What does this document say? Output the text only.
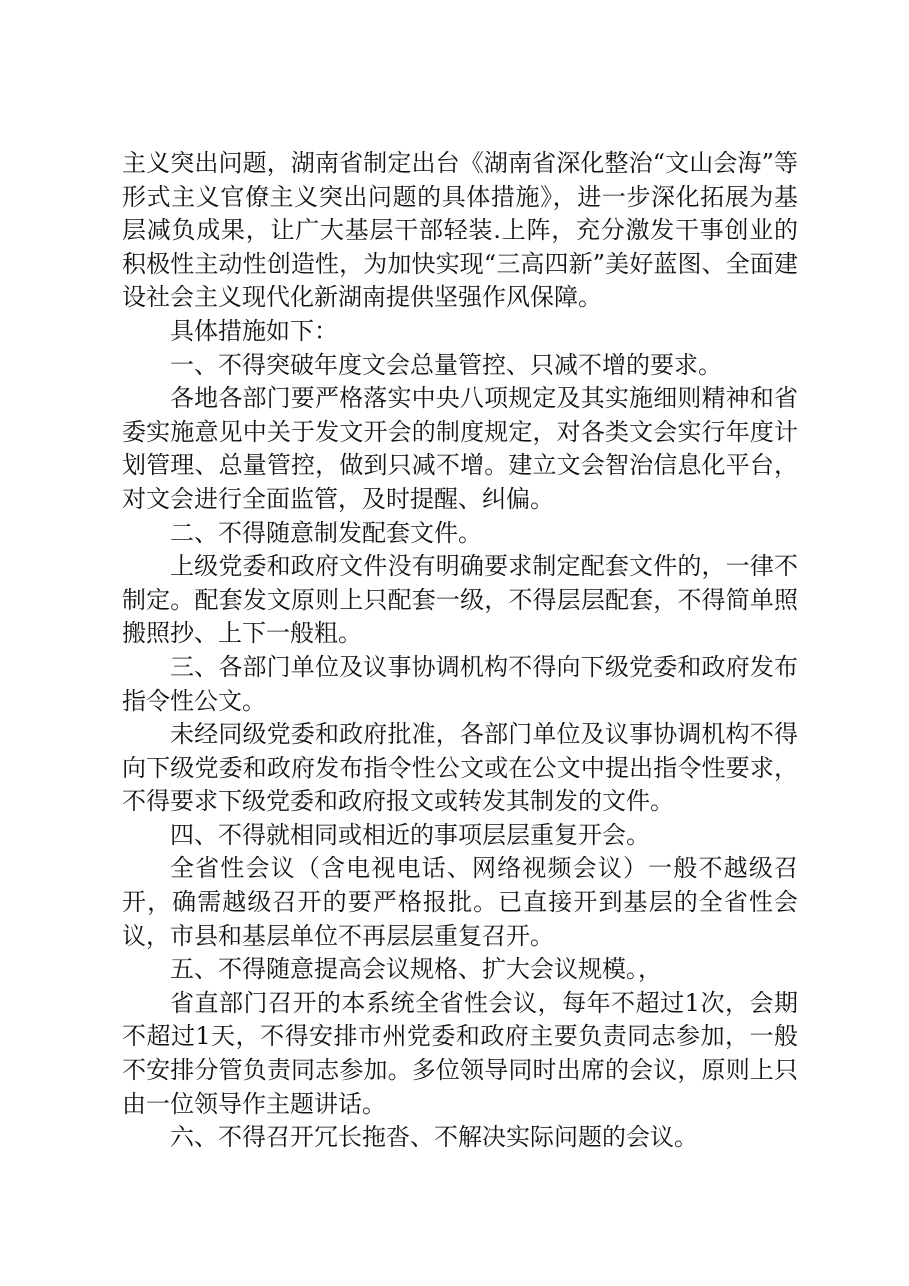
主义突出问题，湖南省制定出台《湖南省深化整治“文山会海”等形式主义官僚主义突出问题的具体措施》，进一步深化拓展为基层减负成果，让广大基层干部轻装.上阵，充分激发干事创业的积极性主动性创造性，为加快实现“三高四新”美好蓝图、全面建设社会主义现代化新湖南提供坚强作风保障。

具体措施如下：

一、不得突破年度文会总量管控、只减不增的要求。

各地各部门要严格落实中央八项规定及其实施细则精神和省委实施意见中关于发文开会的制度规定，对各类文会实行年度计划管理、总量管控，做到只减不增。建立文会智治信息化平台，对文会进行全面监管，及时提醒、纠偏。

二、不得随意制发配套文件。

上级党委和政府文件没有明确要求制定配套文件的，一律不制定。配套发文原则上只配套一级，不得层层配套，不得简单照搬照抄、上下一般粗。

三、各部门单位及议事协调机构不得向下级党委和政府发布指令性公文。

未经同级党委和政府批准，各部门单位及议事协调机构不得向下级党委和政府发布指令性公文或在公文中提出指令性要求，不得要求下级党委和政府报文或转发其制发的文件。

四、不得就相同或相近的事项层层重复开会。

全省性会议（含电视电话、网络视频会议）一般不越级召开，确需越级召开的要严格报批。已直接开到基层的全省性会议，市县和基层单位不再层层重复召开。

五、不得随意提高会议规格、扩大会议规模。，

省直部门召开的本系统全省性会议，每年不超过1次，会期不超过1天，不得安排市州党委和政府主要负责同志参加，一般不安排分管负责同志参加。多位领导同时出席的会议，原则上只由一位领导作主题讲话。

六、不得召开冗长拖沓、不解决实际问题的会议。
